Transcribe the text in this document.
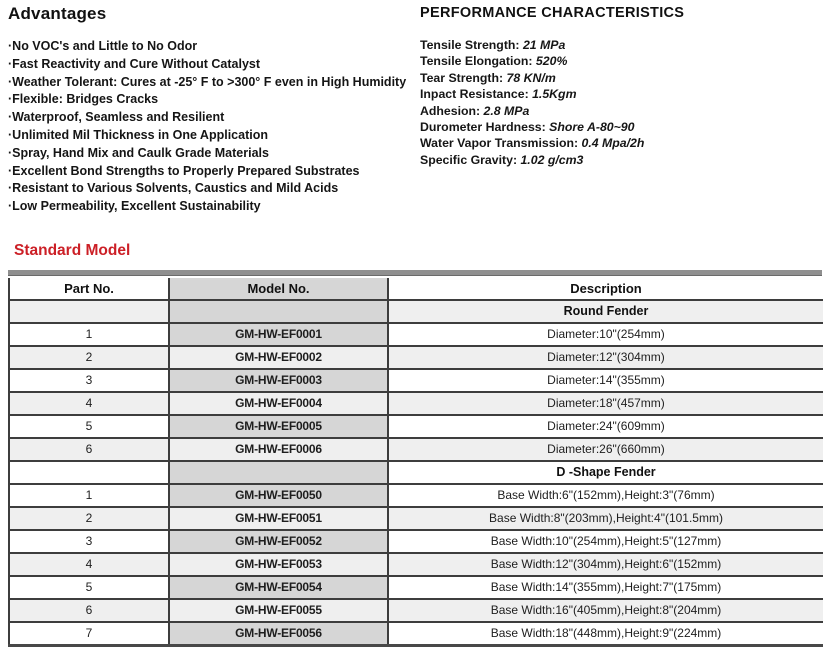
Advantages
·No VOC's and Little to No Odor
·Fast Reactivity and Cure Without Catalyst
·Weather Tolerant: Cures at -25° F to >300° F even in High Humidity
·Flexible: Bridges Cracks
·Waterproof, Seamless and Resilient
·Unlimited Mil Thickness in One Application
·Spray, Hand Mix and Caulk Grade Materials
·Excellent Bond Strengths to Properly Prepared Substrates
·Resistant to Various Solvents, Caustics and Mild Acids
·Low Permeability, Excellent Sustainability
PERFORMANCE CHARACTERISTICS
Tensile Strength: 21 MPa
Tensile Elongation: 520%
Tear Strength: 78 KN/m
Inpact Resistance: 1.5Kgm
Adhesion: 2.8 MPa
Durometer Hardness: Shore A-80~90
Water Vapor Transmission: 0.4 Mpa/2h
Specific Gravity: 1.02 g/cm3
Standard Model
Part No.	Model No.	Description
		Round Fender
1	GM-HW-EF0001	Diameter:10"(254mm)
2	GM-HW-EF0002	Diameter:12"(304mm)
3	GM-HW-EF0003	Diameter:14"(355mm)
4	GM-HW-EF0004	Diameter:18"(457mm)
5	GM-HW-EF0005	Diameter:24"(609mm)
6	GM-HW-EF0006	Diameter:26"(660mm)
		D -Shape Fender
1	GM-HW-EF0050	Base Width:6"(152mm),Height:3"(76mm)
2	GM-HW-EF0051	Base Width:8"(203mm),Height:4"(101.5mm)
3	GM-HW-EF0052	Base Width:10"(254mm),Height:5"(127mm)
4	GM-HW-EF0053	Base Width:12"(304mm),Height:6"(152mm)
5	GM-HW-EF0054	Base Width:14"(355mm),Height:7"(175mm)
6	GM-HW-EF0055	Base Width:16"(405mm),Height:8"(204mm)
7	GM-HW-EF0056	Base Width:18"(448mm),Height:9"(224mm)
